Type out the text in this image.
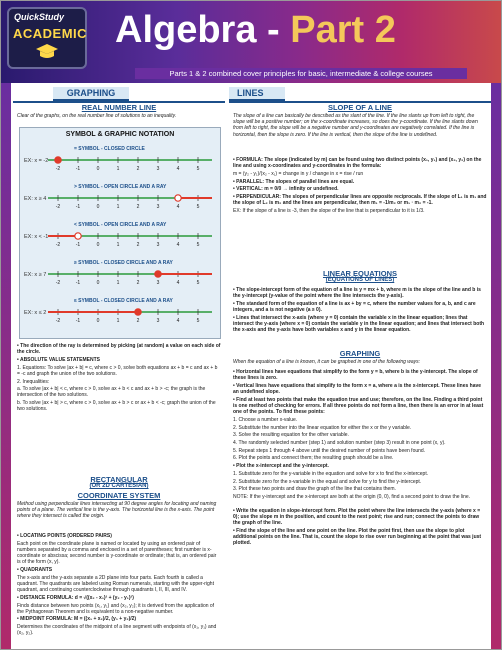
QuickStudy
ACADEMIC Algebra - Part 2
Parts 1 & 2 combined cover principles for basic, intermediate & college courses
GRAPHING
REAL NUMBER LINE
Clear of the graphs, on the real number line of solutions to an inequality.
SYMBOL & GRAPHIC NOTATION
EX: x = -2
= SYMBOL - CLOSED CIRCLE
-2	-1	0	1	2	3	4	5
EX: x ≥ 4
> SYMBOL - OPEN CIRCLE AND A RAY
-2	-1	0	1	2	3	4	5
EX: x < -1
< SYMBOL - OPEN CIRCLE AND A RAY
-2	-1	0	1	2	3	4	5
EX: x ≥ 7
≥ SYMBOL - CLOSED CIRCLE AND A RAY
-2	-1	0	1	2	3	4	5
EX: x ≤ 2
≤ SYMBOL - CLOSED CIRCLE AND A RAY
-2	-1	0	1	2	3	4	5
• The direction of the ray is determined by picking (at random) a value on each side of the circle.
• ABSOLUTE VALUE STATEMENTS
1. Equations: To solve |ax + b| = c, where c > 0, solve both equations ax + b = c and ax + b = -c and graph the union of the two solutions.
2. Inequalities:
a. To solve |ax + b| < c, where c > 0, solve ax + b < c and ax + b > -c; the graph is the intersection of the two solutions.
b. To solve |ax + b| > c, where c > 0, solve ax + b > c or ax + b < -c; graph the union of the two solutions.
RECTANGULAR
(OR 2D CARTESIAN)
COORDINATE SYSTEM
Method using perpendicular lines intersecting at 90 degree angles for locating and naming points of a plane. The vertical line is the y-axis. The horizontal line is the x-axis. The point where they intersect is called the origin.
• LOCATING POINTS (ORDERED PAIRS)
Each point on the coordinate plane is named or located by using an ordered pair of numbers separated by a comma and enclosed in a set of parentheses; first number is x-coordinate or abscissa; second number is y-coordinate or ordinate; that is, an ordered pair is of the form (x, y).
• QUADRANTS
The x-axis and the y-axis separate a 2D plane into four parts. Each fourth is called a quadrant. The quadrants are labeled using Roman numerals, starting with the upper-right quadrant, and continuing counterclockwise through quadrants I, II, III, and IV.
• DISTANCE FORMULA: d = √((x₂ - x₁)² + (y₂ - y₁)²)
Finds distance between two points (x₁, y₁) and (x₂, y₂); it is derived from the application of the Pythagorean Theorem and is equivalent to a non-negative number.
• MIDPOINT FORMULA: M = ((x₁ + x₂)/2, (y₁ + y₂)/2)
Determines the coordinates of the midpoint of a line segment with endpoints of (x₁, y₁) and (x₂, y₂).
LINES
SLOPE OF A LINE
The slope of a line can basically be described as the slant of the line. If the line slants up from left to right, the slope will be a positive number; on the x-coordinate increases, so does the y-coordinate. If the line slants down from left to right, the slope will be a negative number and y-coordinates are negatively correlated. If the line is horizontal, then the slope is zero. If the line is vertical, then the slope of the line is undefined.
• FORMULA: The slope (indicated by m) can be found using two distinct points (x₁, y₁) and (x₂, y₂) on the line and using x-coordinates and y-coordinates in the formula:
m = (y₂ - y₁)/(x₂ - x₁) = change in y / change in x = rise / run
• PARALLEL: The slopes of parallel lines are equal.
• VERTICAL: m = 0/0 → infinity or undefined.
• PERPENDICULAR: The slopes of perpendicular lines are opposite reciprocals. If the slope of L₁ is m₁ and the slope of L₂ is m₂ and the lines are perpendicular, then m₁ = -1/m₂ or m₁ · m₂ = -1.
EX: If the slope of a line is -3, then the slope of the line that is perpendicular to it is 1/3.
LINEAR EQUATIONS
(EQUATIONS OF LINES)
• The slope-intercept form of the equation of a line is y = mx + b, where m is the slope of the line and b is the y-intercept (y-value of the point where the line intersects the y-axis).
• The standard form of the equation of a line is ax + by = c, where the number values for a, b, and c are integers, and a is not negative (a ≥ 0).
• Lines that intersect the x-axis (where y = 0) contain the variable x in the linear equation; lines that intersect the y-axis (where x = 0) contain the variable y in the linear equation; and lines that intersect both the x-axis and the y-axis have both variables x and y in the linear equation.
GRAPHING
When the equation of a line is known, it can be graphed in one of the following ways:
• Horizontal lines have equations that simplify to the form y = b, where b is the y-intercept. The slope of these lines is zero.
• Vertical lines have equations that simplify to the form x = a, where a is the x-intercept. These lines have an undefined slope.
• Find at least two points that make the equation true and use; therefore, on the line. Finding a third point is one method of checking for errors. If all three points do not form a line, then there is an error in at least one of the points. To find these points:
1. Choose a number x-value.
2. Substitute the number into the linear equation for either the x or the y variable.
3. Solve the resulting equation for the other variable.
4. The randomly selected number (step 1) and solution number (step 3) result in one point (x, y).
5. Repeat steps 1 through 4 above until the desired number of points have been found.
6. Plot the points and connect them; the resulting graph should be a line.
• Plot the x-intercept and the y-intercept.
1. Substitute zero for the y-variable in the equation and solve for x to find the x-intercept.
2. Substitute zero for the x-variable in the equal and solve for y to find the y-intercept.
3. Plot these two points and draw the graph of the line that contains them.
NOTE: If the y-intercept and the x-intercept are both at the origin (0, 0), find a second point to draw the line.
• Write the equation in slope-intercept form. Plot the point where the line intersects the y-axis (where x = 0); use the slope m in the position, and count to the next point; rise and run; connect the points to draw the graph of the line.
• Find the slope of the line and one point on the line. Plot the point first, then use the slope to plot additional points on the line. That is, count the slope to rise over run beginning at the point that was just plotted.
